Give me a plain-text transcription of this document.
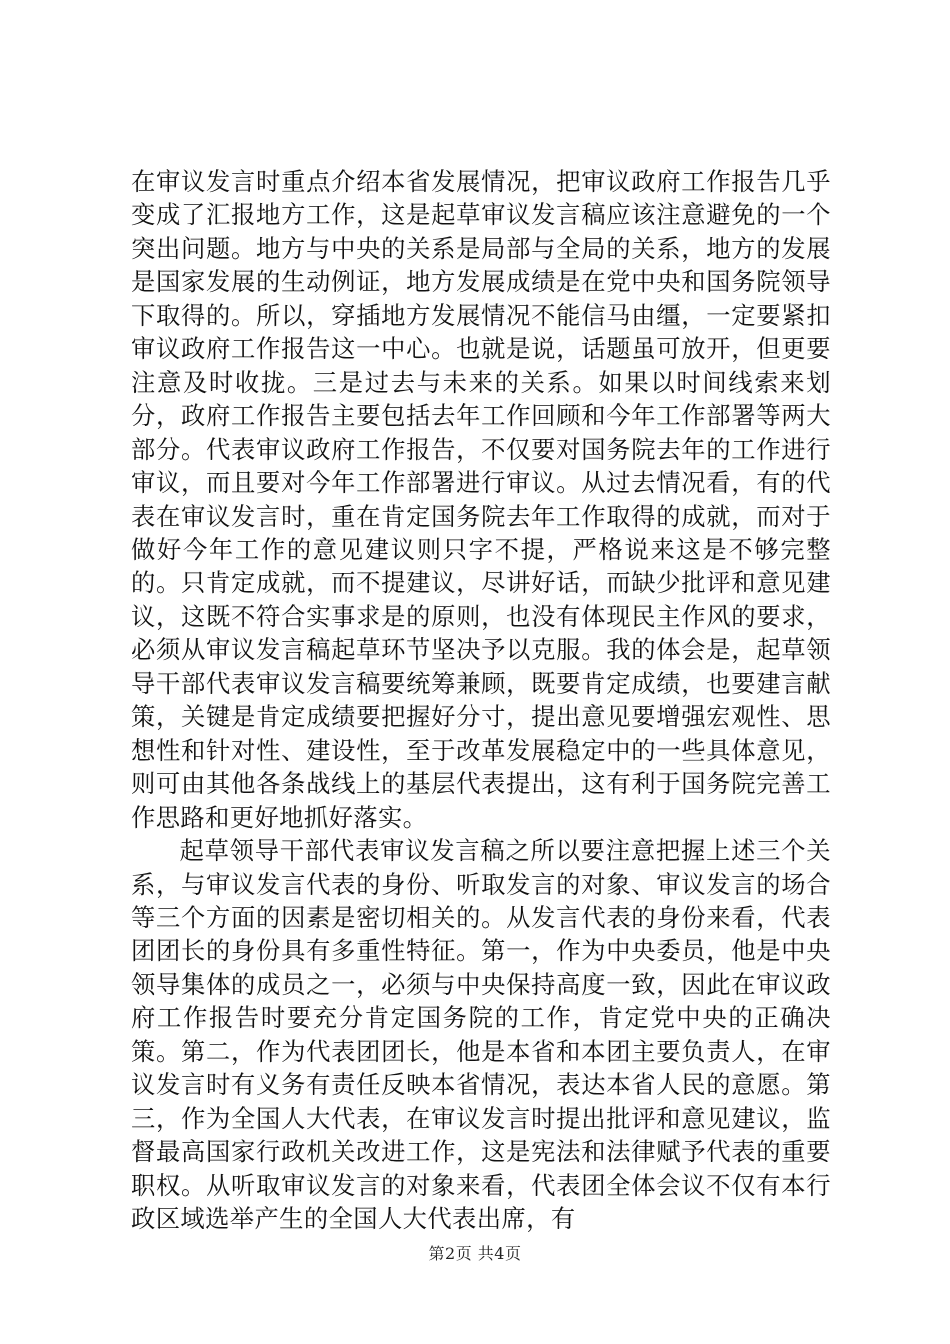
在审议发言时重点介绍本省发展情况，把审议政府工作报告几乎变成了汇报地方工作，这是起草审议发言稿应该注意避免的一个突出问题。地方与中央的关系是局部与全局的关系，地方的发展是国家发展的生动例证，地方发展成绩是在党中央和国务院领导下取得的。所以，穿插地方发展情况不能信马由缰，一定要紧扣审议政府工作报告这一中心。也就是说，话题虽可放开，但更要注意及时收拢。三是过去与未来的关系。如果以时间线索来划分，政府工作报告主要包括去年工作回顾和今年工作部署等两大部分。代表审议政府工作报告，不仅要对国务院去年的工作进行审议，而且要对今年工作部署进行审议。从过去情况看，有的代表在审议发言时，重在肯定国务院去年工作取得的成就，而对于做好今年工作的意见建议则只字不提，严格说来这是不够完整的。只肯定成就，而不提建议，尽讲好话，而缺少批评和意见建议，这既不符合实事求是的原则，也没有体现民主作风的要求，必须从审议发言稿起草环节坚决予以克服。我的体会是，起草领导干部代表审议发言稿要统筹兼顾，既要肯定成绩，也要建言献策，关键是肯定成绩要把握好分寸，提出意见要增强宏观性、思想性和针对性、建设性，至于改革发展稳定中的一些具体意见，则可由其他各条战线上的基层代表提出，这有利于国务院完善工作思路和更好地抓好落实。

起草领导干部代表审议发言稿之所以要注意把握上述三个关系，与审议发言代表的身份、听取发言的对象、审议发言的场合等三个方面的因素是密切相关的。从发言代表的身份来看，代表团团长的身份具有多重性特征。第一，作为中央委员，他是中央领导集体的成员之一，必须与中央保持高度一致，因此在审议政府工作报告时要充分肯定国务院的工作，肯定党中央的正确决策。第二，作为代表团团长，他是本省和本团主要负责人，在审议发言时有义务有责任反映本省情况，表达本省人民的意愿。第三，作为全国人大代表，在审议发言时提出批评和意见建议，监督最高国家行政机关改进工作，这是宪法和法律赋予代表的重要职权。从听取审议发言的对象来看，代表团全体会议不仅有本行政区域选举产生的全国人大代表出席，有

第2页 共4页
